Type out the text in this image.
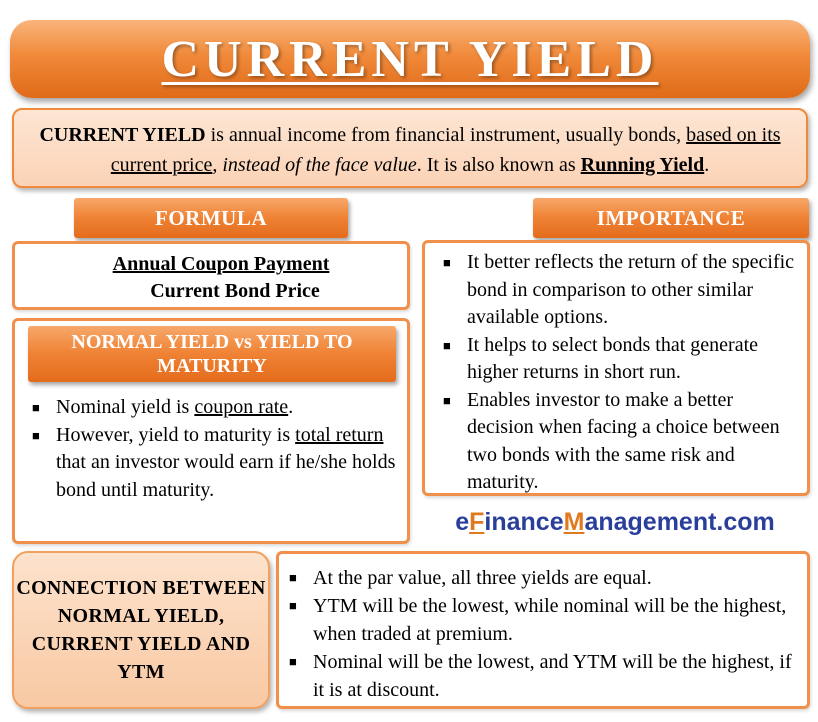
CURRENT YIELD
CURRENT YIELD is annual income from financial instrument, usually bonds, based on its current price, instead of the face value. It is also known as Running Yield.
FORMULA	IMPORTANCE
Annual Coupon Payment
Current Bond Price
■ It better reflects the return of the specific bond in comparison to other similar available options.
■ It helps to select bonds that generate higher returns in short run.
■ Enables investor to make a better decision when facing a choice between two bonds with the same risk and maturity.
NORMAL YIELD vs YIELD TO MATURITY
■ Nominal yield is coupon rate.
■ However, yield to maturity is total return that an investor would earn if he/she holds bond until maturity.
eFinanceManagement.com
CONNECTION BETWEEN NORMAL YIELD, CURRENT YIELD AND YTM
■ At the par value, all three yields are equal.
■ YTM will be the lowest, while nominal will be the highest, when traded at premium.
■ Nominal will be the lowest, and YTM will be the highest, if it is at discount.
